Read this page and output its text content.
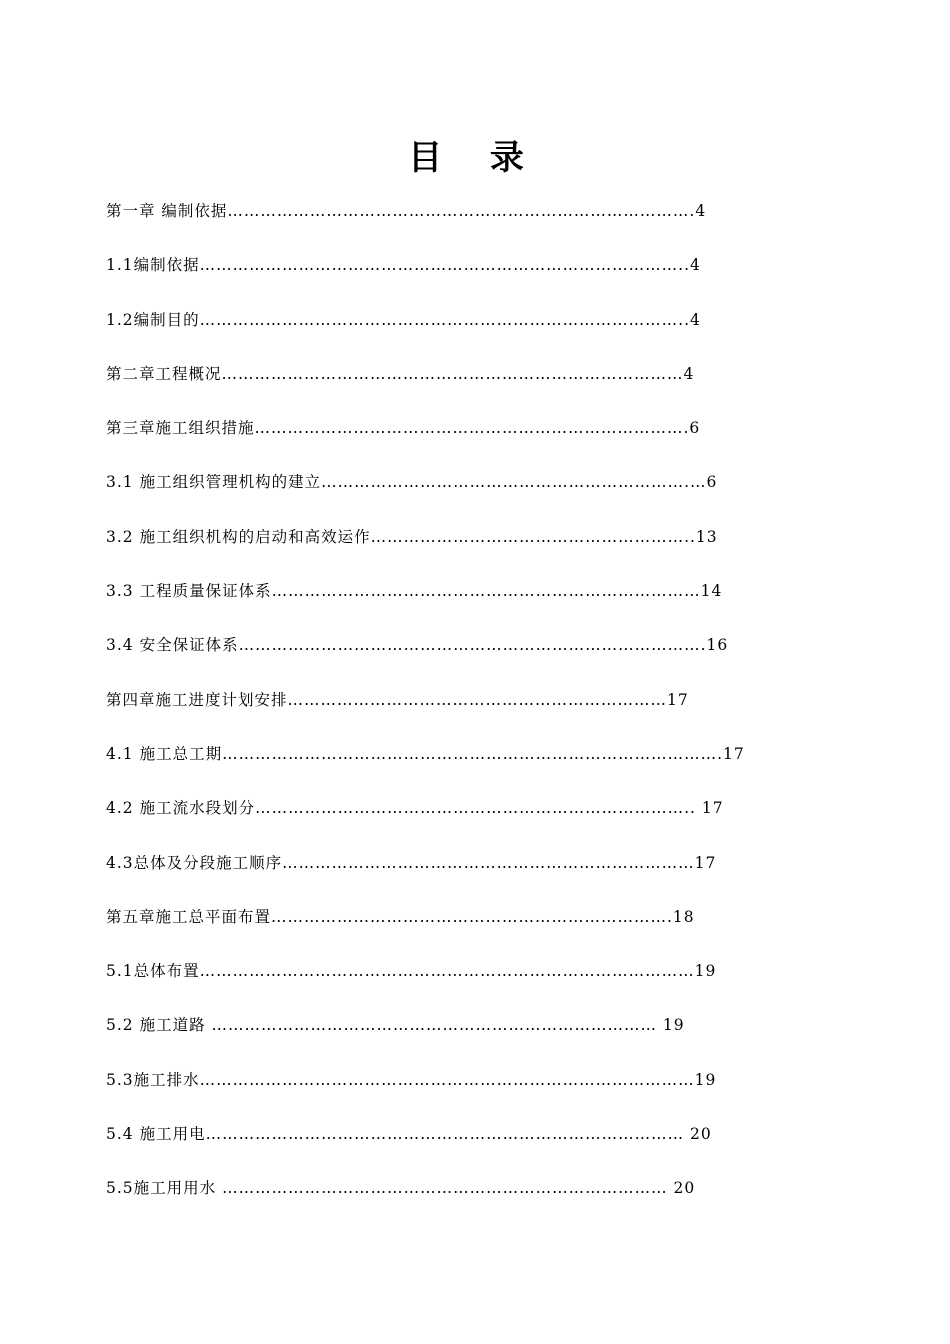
目 录
第一章 编制依据………………………………………………………………………….4
1.1编制依据……………………………………………………………………………..4
1.2编制目的……………………………………………………………………………..4
第二章工程概况…………………………………………………………………………4
第三章施工组织措施…………………………………………………………………….6
3.1 施工组织管理机构的建立………………………………………………………….…6
3.2 施工组织机构的启动和高效运作…………………………………………………..13
3.3 工程质量保证体系……………………………………………………………………14
3.4 安全保证体系………………………………………………………………………….16
第四章施工进度计划安排……………………………………………………………17
4.1 施工总工期……………………………………………………………………………….17
4.2 施工流水段划分…………………………………………………………………….. 17
4.3总体及分段施工顺序…………………………………………………………………17
第五章施工总平面布置……………………………………………………………….18
5.1总体布置………………………………………………………………………………19
5.2 施工道路 ……………………………………………………………………… 19
5.3施工排水………………………………………………………………………………19
5.4 施工用电…………………………………………………………………………… 20
5.5施工用用水 ……………………………………………………………………… 20
